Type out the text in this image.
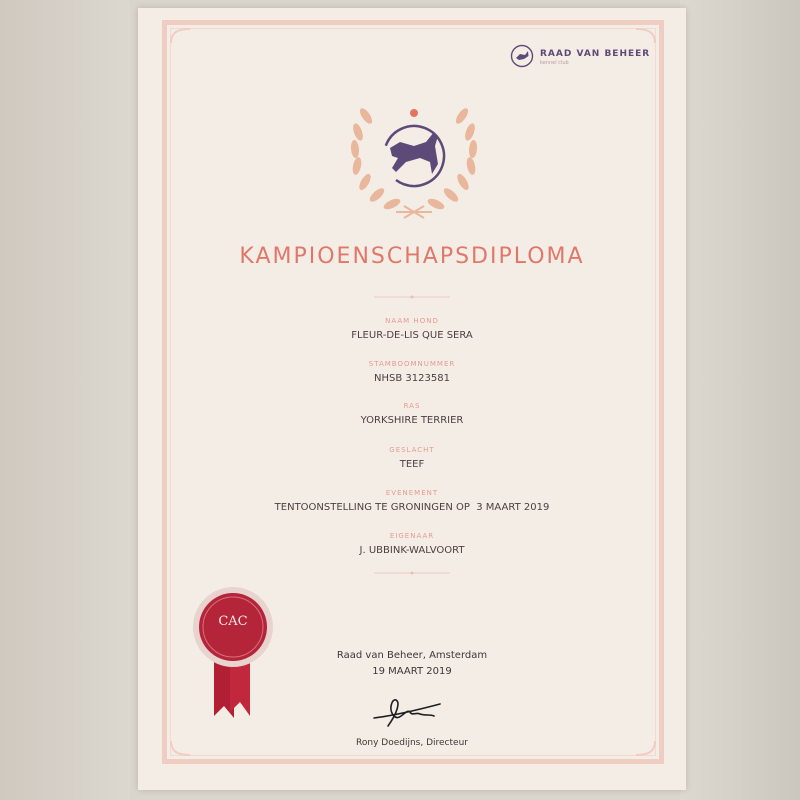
RAAD VAN BEHEER
kennel club
KAMPIOENSCHAPSDIPLOMA
NAAM HOND
FLEUR-DE-LIS QUE SERA
STAMBOOMNUMMER
NHSB 3123581
RAS
YORKSHIRE TERRIER
GESLACHT
TEEF
EVENEMENT
TENTOONSTELLING TE GRONINGEN OP  3 MAART 2019
EIGENAAR
J. UBBINK-WALVOORT
CAC
Raad van Beheer, Amsterdam
19 MAART 2019
Rony Doedijns, Directeur
